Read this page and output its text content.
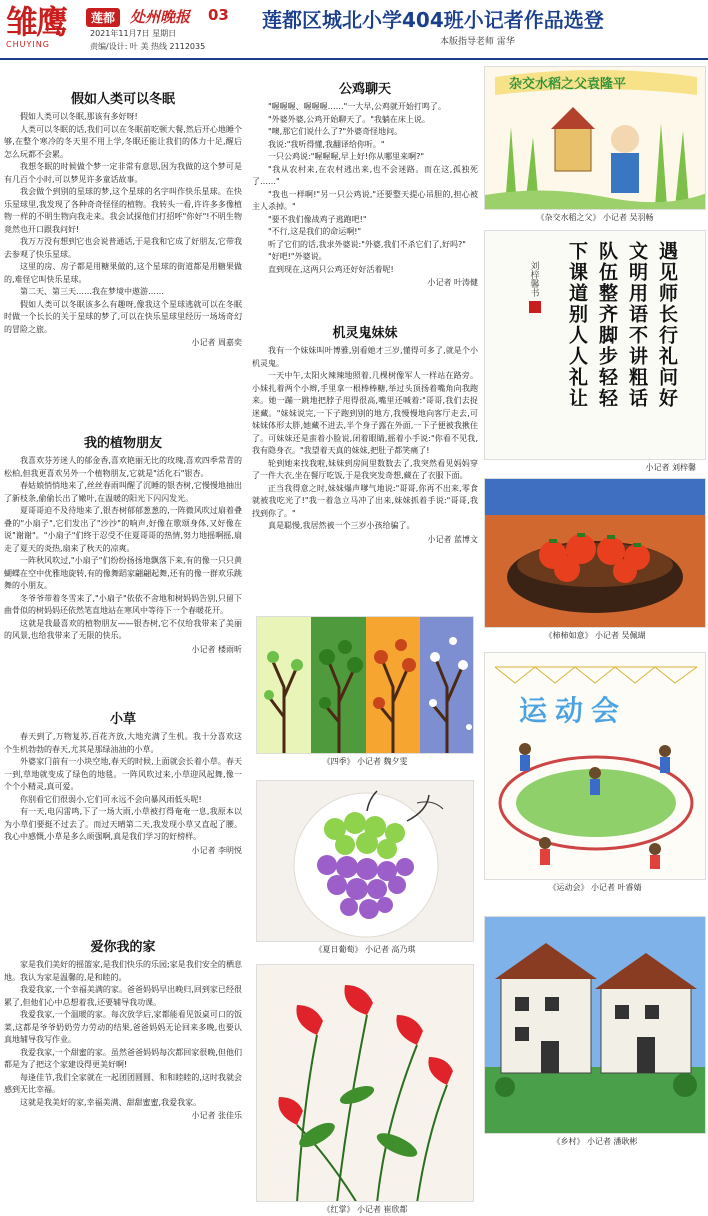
雏鹰
CHUYING
莲都 处州晚报 03
2021年11月7日 星期日
责编/设计: 叶 美 热线 2112035
莲都区城北小学404班小记者作品选登
本版指导老师 雷华
假如人类可以冬眠

假如人类可以冬眠,那该有多好呀!

人类可以冬眠的话,我们可以在冬眠前吃顿大餐,然后开心地睡个够,在整个寒冷的冬天里不用上学,冬眠还能让我们的体力十足,醒后怎么玩都不会累。

我想冬眠的时候做个梦一定非常有意思,因为我做的这个梦可是有几百个小时,可以梦见许多童话故事。

我会做个到别的星球的梦,这个星球的名字叫作快乐星球。在快乐星球里,我发现了各种奇奇怪怪的植物。我转头一看,许许多多像植物一样的不明生物向我走来。我会试探他们打招呼"你好"!不明生物竟然也开口跟我问好!

我万万没有想到它也会说普通话,于是我和它成了好朋友,它带我去参观了快乐星球。

这里的房、房子都是用糖果做的,这个星球的街道都是用糖果做的,难怪它叫快乐星球。

第二天、第三天……我在梦境中遨游……

假如人类可以冬眠该多么有趣呀,像我这个星球逃就可以在冬眠时做一个长长的关于星球的梦了,可以在快乐星球里经历一场场奇幻的冒险之旅。

小记者 周嘉奕

我的植物朋友

我喜欢芬芳迷人的郁金香,喜欢艳丽无比的玫瑰,喜欢四季常青的松柏,但我更喜欢另外一个植物朋友,它就是"活化石"银杏。

春姑娘悄悄地来了,丝丝春雨叫醒了沉睡的银杏树,它慢慢地抽出了新枝条,偷偷长出了嫩叶,在温暖的阳光下闪闪发光。

夏哥哥迫不及待地来了,银杏树郁郁葱葱的,一阵微风吹过扇着叠叠的"小扇子",它们发出了"沙沙"的响声,好像在歌颂身体,又好像在说"谢谢"。"小扇子"们终于忍受不住夏哥哥的热情,努力地摇啊摇,扇走了夏天的炎热,扇来了秋天的凉爽。

一阵秋风吹过,"小扇子"们纷纷扬扬地飘落下来,有的像一只只黄蝴蝶在空中优雅地旋转,有的像舞蹈家翩翩起舞,还有的像一群欢乐跳舞的小朋友。

冬爷爷带着冬雪来了,"小扇子"依依不舍地和树妈妈告别,只留下曲骨似的树妈妈还依然笔直地站在寒风中等待下一个春暖花开。

这就是我最喜欢的植物朋友——银杏树,它不仅给我带来了美丽的风景,也给我带来了无限的快乐。

小记者 楼雨昕

小草

春天到了,万物复苏,百花齐放,大地充满了生机。我十分喜欢这个生机勃勃的春天,尤其是那绿油油的小草。

外婆家门前有一小块空地,春天的时候,上面就会长着小草。春天一到,草地就变成了绿色的地毯。一阵风吹过来,小草迎风起舞,像一个个小精灵,真可爱。

你别看它们很弱小,它们可永远不会向暴风雨低头呢!

有一天,电闪雷鸣,下了一场大雨,小草被打得奄奄一息,我原本以为小草们要挺不过去了。而过天晴第二天,我发现小草又直起了腰。我心中感慨,小草是多么顽强啊,真是我们学习的好榜样。

小记者 李明悦

爱你我的家

家是我们美好的摇篮家,是我们快乐的乐园;家是我们安全的栖息地。我认为家是温馨的,是和睦的。

我爱我家,一个幸福美满的家。爸爸妈妈早出晚归,回到家已经很累了,但他们心中总想着我,还要辅导我功课。

我爱我家,一个温暖的家。每次放学后,家都能看见饭桌可口的饭菜,这都是爷爷奶奶劳力劳动的结果,爸爸妈妈无论回来多晚,也要认真地辅导我写作业。

我爱我家,一个甜蜜的家。虽然爸爸妈妈每次都回家很晚,但他们都是为了把这个家建设得更美好啊!

每逢佳节,我们全家就在一起团团圆圆、和和睦睦的,这时我就会感到无比幸福。

这就是我美好的家,幸福美满、甜甜蜜蜜,我爱我家。

小记者 张佳乐

公鸡聊天

"喔喔喔、喔喔喔……"一大早,公鸡就开始打鸣了。

"外婆外婆,公鸡开始聊天了。"我躺在床上说。

"噢,那它们说什么了?"外婆奇怪地问。

我说:"我听得懂,我翻译给你听。"

一只公鸡说:"喔喔喔,早上好!你从哪里来啊?"

"我从农村来,在农村逃出来,也不会迷路。而在这,孤独死了……"

"我也一样啊!"另一只公鸡说,"还要整天提心吊胆的,担心被主人杀掉。"

"要不我们像战鸡子逃跑吧!"

"不行,这是我们的命运啊!"

听了它们的话,我求外婆说:"外婆,我们不杀它们了,好吗?"

"好吧!"外婆说。

直到现在,这两只公鸡还好好活着呢!

小记者 叶涛健

机灵鬼妹妹

我有一个妹妹叫叶博雅,别看她才三岁,懂得可多了,就是个小机灵鬼。

一天中午,太阳火辣辣地照着,几棵树像军人一样站在路旁。小妹扎着两个小辫,手里拿一根棒棒糖,举过头顶扬着嘴角向我跑来。她一蹦一跳地把脖子甩得很高,嘴里还喊着:"哥哥,我们去捉迷藏。"妹妹说完,一下子跑到别的地方,我慢慢地向客厅走去,可妹妹体形太胖,她藏不进去,半个身子露在外面,一下子便被我揪住了。可妹妹还是蛮着小脸说,闭着眼睛,摇着小手说:"你看不见我,我有隐身衣。"我望着天真的妹妹,把肚子都笑痛了!

轮到她来找我啦,妹妹到房间里数数去了,我突然看见妈妈穿了一件大衣,坐在餐厅吃饭,于是我突发奇想,藏在了衣服下面。

正当我得意之时,妹妹爆声嗲气地说:"哥哥,你再不出来,零食就被我吃光了!"我一着急立马冲了出来,妹妹抓着手说:"哥哥,我找到你了。"

真是聪慢,我居然被一个三岁小孩给骗了。

小记者 蓝博文

《四季》 小记者 魏夕雯
《夏日葡萄》 小记者 高乃琪
《红掌》 小记者 崔欣都
杂交水稻之父袁隆平
《杂交水稻之父》 小记者 吴羽畅
遇见师长行礼问好
文明用语不讲粗话
队伍整齐脚步轻轻
下课道别人人礼让
刘梓馨书
小记者 刘梓馨
《柿柿如意》 小记者 吴佩瑚
运动会
《运动会》 小记者 叶睿婧
《乡村》 小记者 潘耿彬
